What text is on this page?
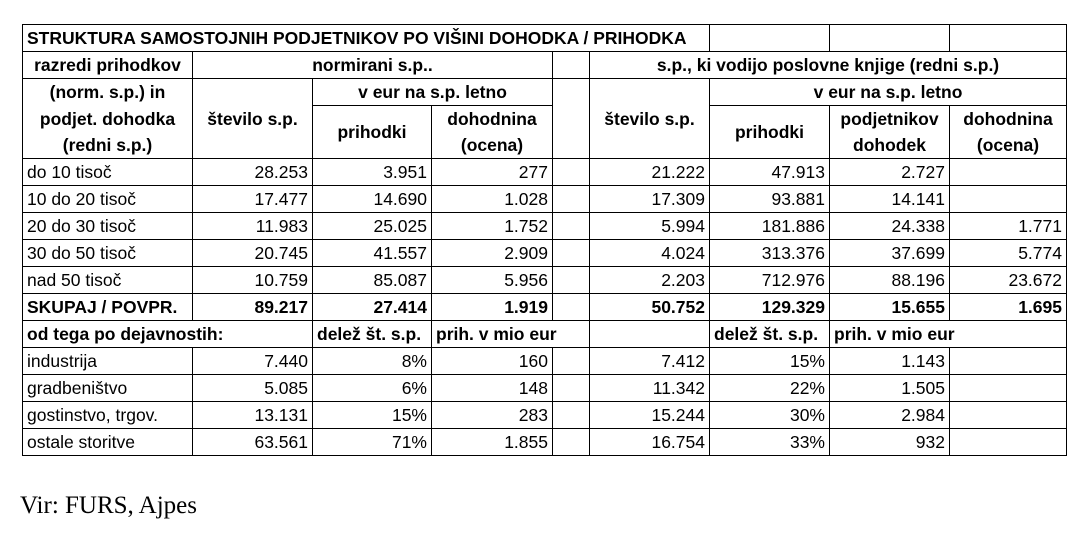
STRUKTURA SAMOSTOJNIH PODJETNIKOV PO VIŠINI DOHODKA / PRIHODKA								
razredi prihodkov	normirani s.p..				s.p., ki vodijo poslovne knjige (redni s.p.)			
(norm. s.p.) in	število s.p.	v eur na s.p. letno			število s.p.	v eur na s.p. letno		
podjet. dohodka		prihodki	dohodnina			prihodki	podjetnikov	dohodnina
(redni s.p.)			(ocena)				dohodek	(ocena)
do 10 tisoč	28.253	3.951	277		21.222	47.913	2.727	
10 do 20 tisoč	17.477	14.690	1.028		17.309	93.881	14.141	
20 do 30 tisoč	11.983	25.025	1.752		5.994	181.886	24.338	1.771
30 do 50 tisoč	20.745	41.557	2.909		4.024	313.376	37.699	5.774
nad 50 tisoč	10.759	85.087	5.956		2.203	712.976	88.196	23.672
SKUPAJ / POVPR.	89.217	27.414	1.919		50.752	129.329	15.655	1.695
od tega po dejavnostih:		delež št. s.p.	prih. v mio eur			delež št. s.p.	prih. v mio eur	
industrija	7.440	8%	160		7.412	15%	1.143	
gradbeništvo	5.085	6%	148		11.342	22%	1.505	
gostinstvo, trgov.	13.131	15%	283		15.244	30%	2.984	
ostale storitve	63.561	71%	1.855		16.754	33%	932	
Vir: FURS, Ajpes
